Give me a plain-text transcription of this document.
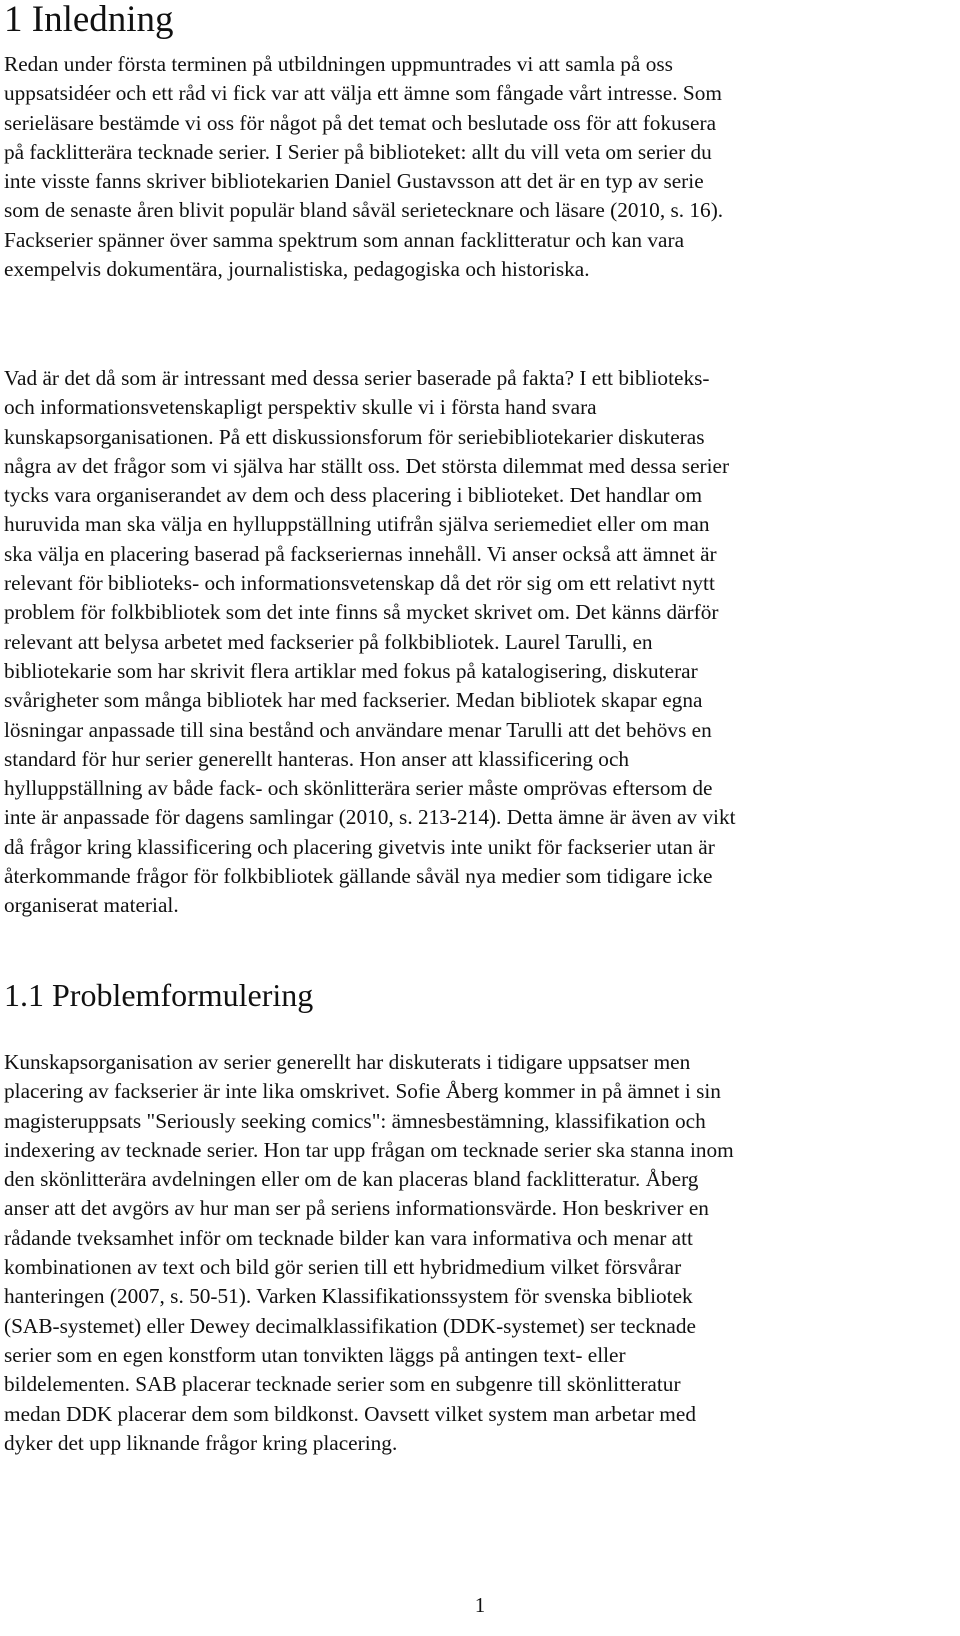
1 Inledning
Redan under första terminen på utbildningen uppmuntrades vi att samla på oss
uppsatsidéer och ett råd vi fick var att välja ett ämne som fångade vårt intresse. Som
serieläsare bestämde vi oss för något på det temat och beslutade oss för att fokusera
på facklitterära tecknade serier. I Serier på biblioteket: allt du vill veta om serier du
inte visste fanns skriver bibliotekarien Daniel Gustavsson att det är en typ av serie
som de senaste åren blivit populär bland såväl serietecknare och läsare (2010, s. 16).
Fackserier spänner över samma spektrum som annan facklitteratur och kan vara
exempelvis dokumentära, journalistiska, pedagogiska och historiska.
Vad är det då som är intressant med dessa serier baserade på fakta? I ett biblioteks-
och informationsvetenskapligt perspektiv skulle vi i första hand svara
kunskapsorganisationen. På ett diskussionsforum för seriebibliotekarier diskuteras
några av det frågor som vi själva har ställt oss. Det största dilemmat med dessa serier
tycks vara organiserandet av dem och dess placering i biblioteket. Det handlar om
huruvida man ska välja en hylluppställning utifrån själva seriemediet eller om man
ska välja en placering baserad på fackseriernas innehåll. Vi anser också att ämnet är
relevant för biblioteks- och informationsvetenskap då det rör sig om ett relativt nytt
problem för folkbibliotek som det inte finns så mycket skrivet om. Det känns därför
relevant att belysa arbetet med fackserier på folkbibliotek. Laurel Tarulli, en
bibliotekarie som har skrivit flera artiklar med fokus på katalogisering, diskuterar
svårigheter som många bibliotek har med fackserier. Medan bibliotek skapar egna
lösningar anpassade till sina bestånd och användare menar Tarulli att det behövs en
standard för hur serier generellt hanteras. Hon anser att klassificering och
hylluppställning av både fack- och skönlitterära serier måste omprövas eftersom de
inte är anpassade för dagens samlingar (2010, s. 213-214). Detta ämne är även av vikt
då frågor kring klassificering och placering givetvis inte unikt för fackserier utan är
återkommande frågor för folkbibliotek gällande såväl nya medier som tidigare icke
organiserat material.
1.1 Problemformulering
Kunskapsorganisation av serier generellt har diskuterats i tidigare uppsatser men
placering av fackserier är inte lika omskrivet. Sofie Åberg kommer in på ämnet i sin
magisteruppsats "Seriously seeking comics": ämnesbestämning, klassifikation och
indexering av tecknade serier. Hon tar upp frågan om tecknade serier ska stanna inom
den skönlitterära avdelningen eller om de kan placeras bland facklitteratur. Åberg
anser att det avgörs av hur man ser på seriens informationsvärde. Hon beskriver en
rådande tveksamhet inför om tecknade bilder kan vara informativa och menar att
kombinationen av text och bild gör serien till ett hybridmedium vilket försvårar
hanteringen (2007, s. 50-51). Varken Klassifikationssystem för svenska bibliotek
(SAB-systemet) eller Dewey decimalklassifikation (DDK-systemet) ser tecknade
serier som en egen konstform utan tonvikten läggs på antingen text- eller
bildelementen. SAB placerar tecknade serier som en subgenre till skönlitteratur
medan DDK placerar dem som bildkonst. Oavsett vilket system man arbetar med
dyker det upp liknande frågor kring placering.
1
